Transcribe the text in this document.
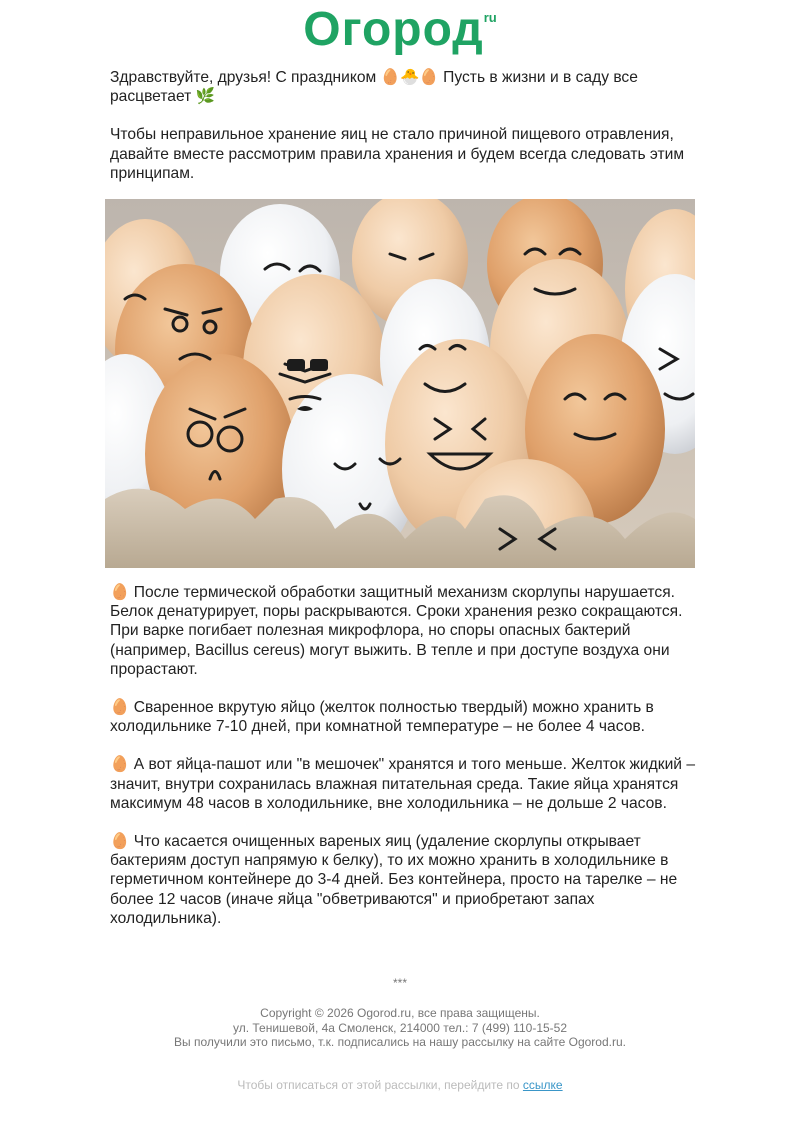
Огород$^{ru}$

Здравствуйте, друзья! С праздником 🥚🐣🥚 Пусть в жизни и в саду все расцветает 🌿

Чтобы неправильное хранение яиц не стало причиной пищевого отравления, давайте вместе рассмотрим правила хранения и будем всегда следовать этим принципам.

🥚 После термической обработки защитный механизм скорлупы нарушается. Белок денатурирует, поры раскрываются. Сроки хранения резко сокращаются. При варке погибает полезная микрофлора, но споры опасных бактерий (например, Bacillus cereus) могут выжить. В тепле и при доступе воздуха они прорастают.

🥚 Сваренное вкрутую яйцо (желток полностью твердый) можно хранить в холодильнике 7-10 дней, при комнатной температуре – не более 4 часов.

🥚 А вот яйца-пашот или "в мешочек" хранятся и того меньше. Желток жидкий – значит, внутри сохранилась влажная питательная среда. Такие яйца хранятся максимум 48 часов в холодильнике, вне холодильника – не дольше 2 часов.

🥚 Что касается очищенных вареных яиц (удаление скорлупы открывает бактериям доступ напрямую к белку), то их можно хранить в холодильнике в герметичном контейнере до 3-4 дней. Без контейнера, просто на тарелке – не более 12 часов (иначе яйца "обветриваются" и приобретают запах холодильника).

***
Copyright © 2026 Ogorod.ru, все права защищены.
ул. Тенишевой, 4а Смоленск, 214000 тел.: 7 (499) 110-15-52
Вы получили это письмо, т.к. подписались на нашу рассылку на сайте Ogorod.ru.
Чтобы отписаться от этой рассылки, перейдите по ссылке
